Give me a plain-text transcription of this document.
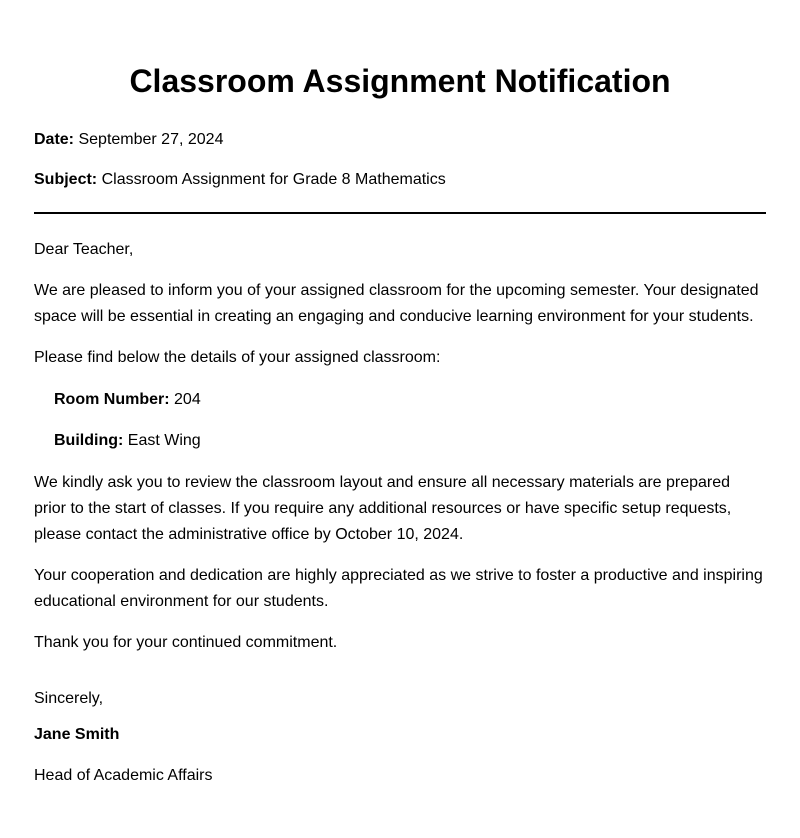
Classroom Assignment Notification

Date: September 27, 2024

Subject: Classroom Assignment for Grade 8 Mathematics

Dear Teacher,

We are pleased to inform you of your assigned classroom for the upcoming semester. Your designated space will be essential in creating an engaging and conducive learning environment for your students.

Please find below the details of your assigned classroom:

Room Number: 204
Building: East Wing

We kindly ask you to review the classroom layout and ensure all necessary materials are prepared prior to the start of classes. If you require any additional resources or have specific setup requests, please contact the administrative office by October 10, 2024.

Your cooperation and dedication are highly appreciated as we strive to foster a productive and inspiring educational environment for our students.

Thank you for your continued commitment.

Sincerely,

Jane Smith

Head of Academic Affairs
